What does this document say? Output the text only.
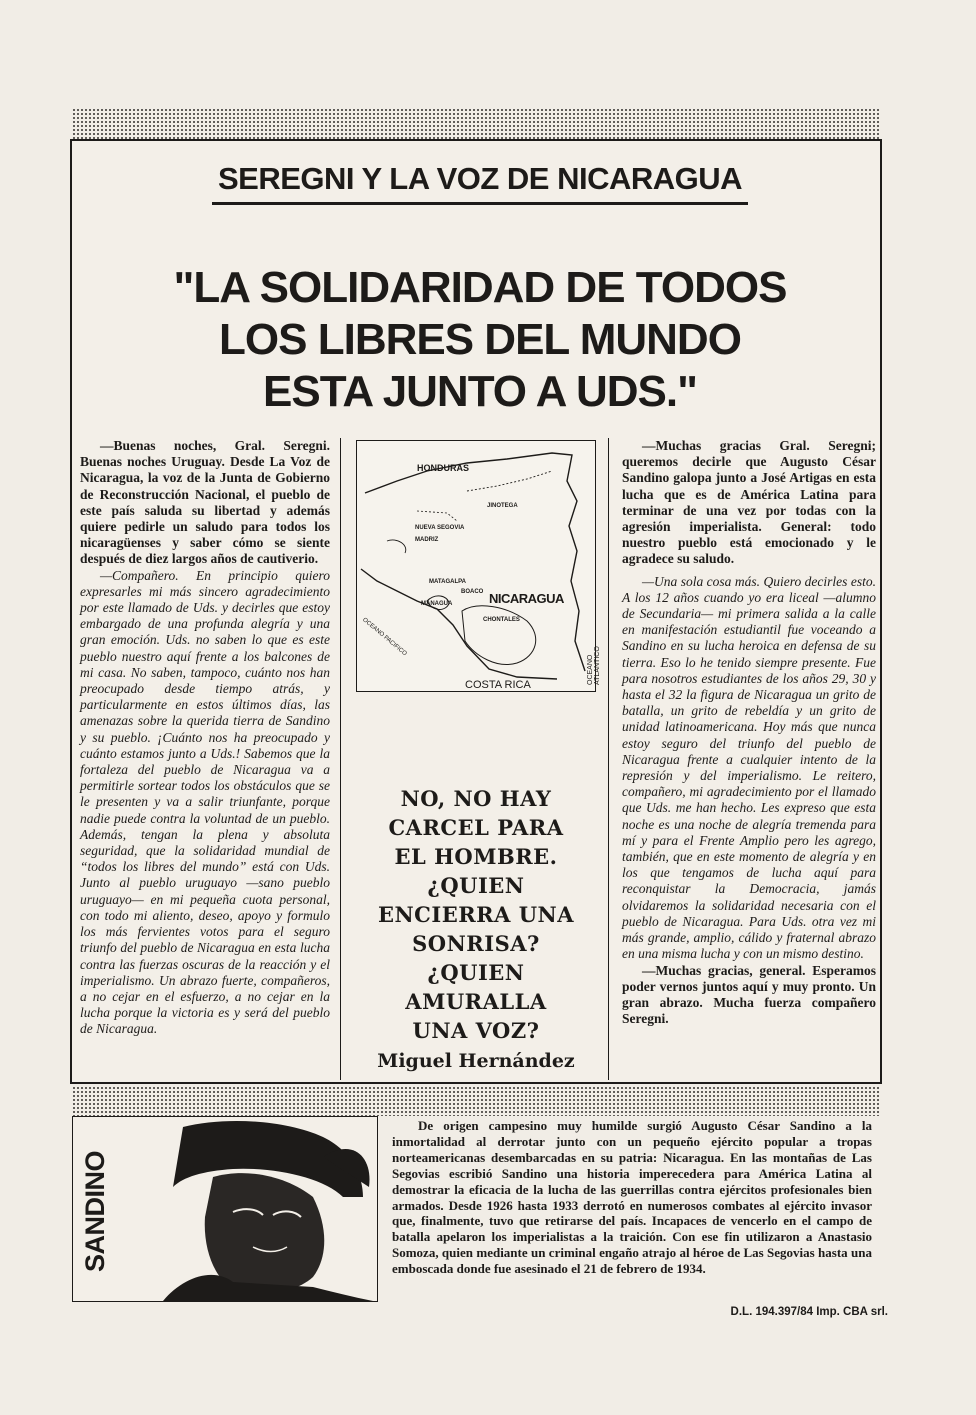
SEREGNI Y LA VOZ DE NICARAGUA
"LA SOLIDARIDAD DE TODOS LOS LIBRES DEL MUNDO ESTA JUNTO A UDS."

—Buenas noches, Gral. Seregni. Buenas noches Uruguay. Desde La Voz de Nicaragua, la voz de la Junta de Gobierno de Reconstrucción Nacional, el pueblo de este país saluda su libertad y además quiere pedirle un saludo para todos los nicaragüenses y saber cómo se siente después de diez largos años de cautiverio.

—Compañero. En principio quiero expresarles mi más sincero agradecimiento por este llamado de Uds. y decirles que estoy embargado de una profunda alegría y una gran emoción. Uds. no saben lo que es este pueblo nuestro aquí frente a los balcones de mi casa. No saben, tampoco, cuánto nos han preocupado desde tiempo atrás, y particularmente en estos últimos días, las amenazas sobre la querida tierra de Sandino y su pueblo. ¡Cuánto nos ha preocupado y cuánto estamos junto a Uds.! Sabemos que la fortaleza del pueblo de Nicaragua va a permitirle sortear todos los obstáculos que se le presenten y va a salir triunfante, porque nadie puede contra la voluntad de un pueblo. Además, tengan la plena y absoluta seguridad, que la solidaridad mundial de “todos los libres del mundo” está con Uds. Junto al pueblo uruguayo —sano pueblo uruguayo— en mi pequeña cuota personal, con todo mi aliento, deseo, apoyo y formulo los más fervientes votos para el seguro triunfo del pueblo de Nicaragua en esta lucha contra las fuerzas oscuras de la reacción y el imperialismo. Un abrazo fuerte, compañeros, a no cejar en el esfuerzo, a no cejar en la lucha porque la victoria es y será del pueblo de Nicaragua.

HONDURAS
JINOTEGA
NUEVA SEGOVIA
MADRIZ
MATAGALPA
BOACO NICARAGUA
MANAGUA
CHONTALES
COSTA RICA	OCEANO ATLANTICO
OCEANO PACIFICO
NO, NO HAY
CARCEL PARA
EL HOMBRE.
¿QUIEN
ENCIERRA UNA
SONRISA?
¿QUIEN
AMURALLA
UNA VOZ?
Miguel Hernández

—Muchas gracias Gral. Seregni; queremos decirle que Augusto César Sandino galopa junto a José Artigas en esta lucha que es de América Latina para terminar de una vez por todas con la agresión imperialista. General: todo nuestro pueblo está emocionado y le agradece su saludo.

—Una sola cosa más. Quiero decirles esto. A los 12 años cuando yo era liceal —alumno de Secundaria— mi primera salida a la calle en manifestación estudiantil fue voceando a Sandino en su lucha heroica en defensa de su tierra. Eso lo he tenido siempre presente. Fue para nosotros estudiantes de los años 29, 30 y hasta el 32 la figura de Nicaragua un grito de batalla, un grito de rebeldía y un grito de unidad latinoamericana. Hoy más que nunca estoy seguro del triunfo del pueblo de Nicaragua frente a cualquier intento de la represión y del imperialismo. Le reitero, compañero, mi agradecimiento por el llamado que Uds. me han hecho. Les expreso que esta noche es una noche de alegría tremenda para mí y para el Frente Amplio pero les agrego, también, que en este momento de alegría y en los que tengamos de lucha aquí para reconquistar la Democracia, jamás olvidaremos la solidaridad necesaria con el pueblo de Nicaragua. Para Uds. otra vez mi más grande, amplio, cálido y fraternal abrazo en una misma lucha y con un mismo destino.

—Muchas gracias, general. Esperamos poder vernos juntos aquí y muy pronto. Un gran abrazo. Mucha fuerza compañero Seregni.

SANDINO

De origen campesino muy humilde surgió Augusto César Sandino a la inmortalidad al derrotar junto con un pequeño ejército popular a tropas norteamericanas desembarcadas en su patria: Nicaragua. En las montañas de Las Segovias escribió Sandino una historia imperecedera para América Latina al demostrar la eficacia de la lucha de las guerrillas contra ejércitos profesionales bien armados. Desde 1926 hasta 1933 derrotó en numerosos combates al ejército invasor que, finalmente, tuvo que retirarse del país. Incapaces de vencerlo en el campo de batalla apelaron los imperialistas a la traición. Con ese fin utilizaron a Anastasio Somoza, quien mediante un criminal engaño atrajo al héroe de Las Segovias hasta una emboscada donde fue asesinado el 21 de febrero de 1934.

D.L. 194.397/84 Imp. CBA srl.
